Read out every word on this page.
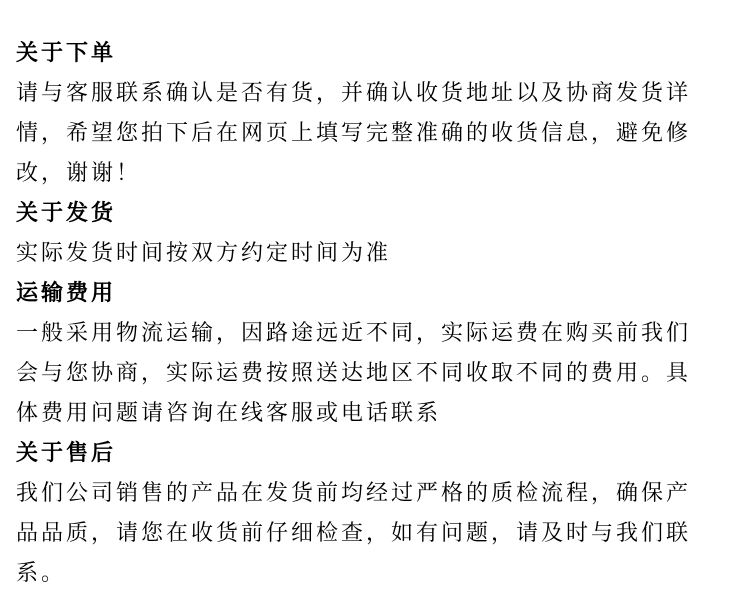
关于下单

请与客服联系确认是否有货，并确认收货地址以及协商发货详情，希望您拍下后在网页上填写完整准确的收货信息，避免修改，谢谢！

关于发货

实际发货时间按双方约定时间为准

运输费用

一般采用物流运输，因路途远近不同，实际运费在购买前我们会与您协商，实际运费按照送达地区不同收取不同的费用。具体费用问题请咨询在线客服或电话联系

关于售后

我们公司销售的产品在发货前均经过严格的质检流程，确保产品品质，请您在收货前仔细检查，如有问题，请及时与我们联系。
